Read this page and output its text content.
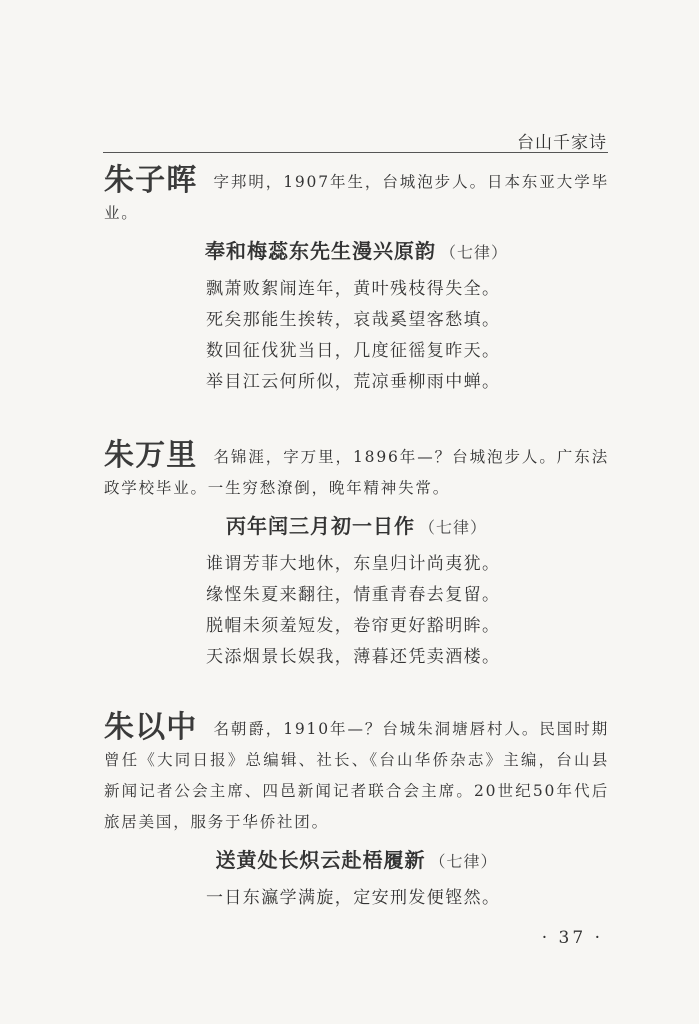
台山千家诗
朱子晖 字邦明，1907年生，台城泡步人。日本东亚大学毕业。
奉和梅蕊东先生漫兴原韵 （七律）
飘萧败絮闹连年，黄叶残枝得失全。
死矣那能生挨转，哀哉奚望客愁填。
数回征伐犹当日，几度征徭复昨天。
举目江云何所似，荒凉垂柳雨中蝉。
朱万里 名锦涯，字万里，1896年—？台城泡步人。广东法政学校毕业。一生穷愁潦倒，晚年精神失常。
丙年闰三月初一日作 （七律）
谁谓芳菲大地休，东皇归计尚夷犹。
缘悭朱夏来翻往，情重青春去复留。
脱帽未须羞短发，卷帘更好豁明眸。
天添烟景长娱我，薄暮还凭卖酒楼。
朱以中 名朝爵，1910年—？台城朱洞塘唇村人。民国时期曾任《大同日报》总编辑、社长、《台山华侨杂志》主编，台山县新闻记者公会主席、四邑新闻记者联合会主席。20世纪50年代后旅居美国，服务于华侨社团。
送黄处长炽云赴梧履新 （七律）
一日东瀛学满旋，定安刑发便铿然。
· 37 ·
